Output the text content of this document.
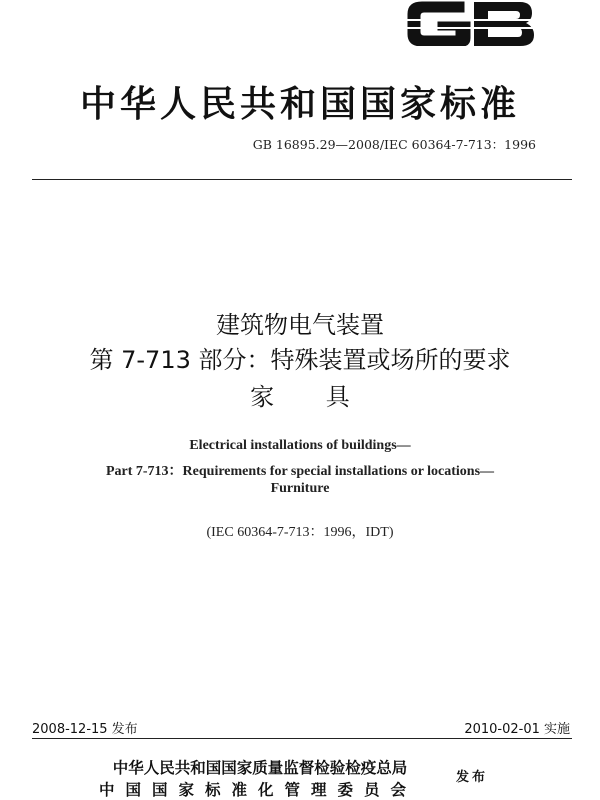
中华人民共和国国家标准
GB 16895.29—2008/IEC 60364-7-713：1996
建筑物电气装置
第 7-713 部分：特殊装置或场所的要求
家 具
Electrical installations of buildings—
Part 7-713：Requirements for special installations or locations—
Furniture
(IEC 60364-7-713：1996，IDT)
2008-12-15 发布	2010-02-01 实施
中华人民共和国国家质量监督检验检疫总局
中国国家标准化管理委员会
发布
